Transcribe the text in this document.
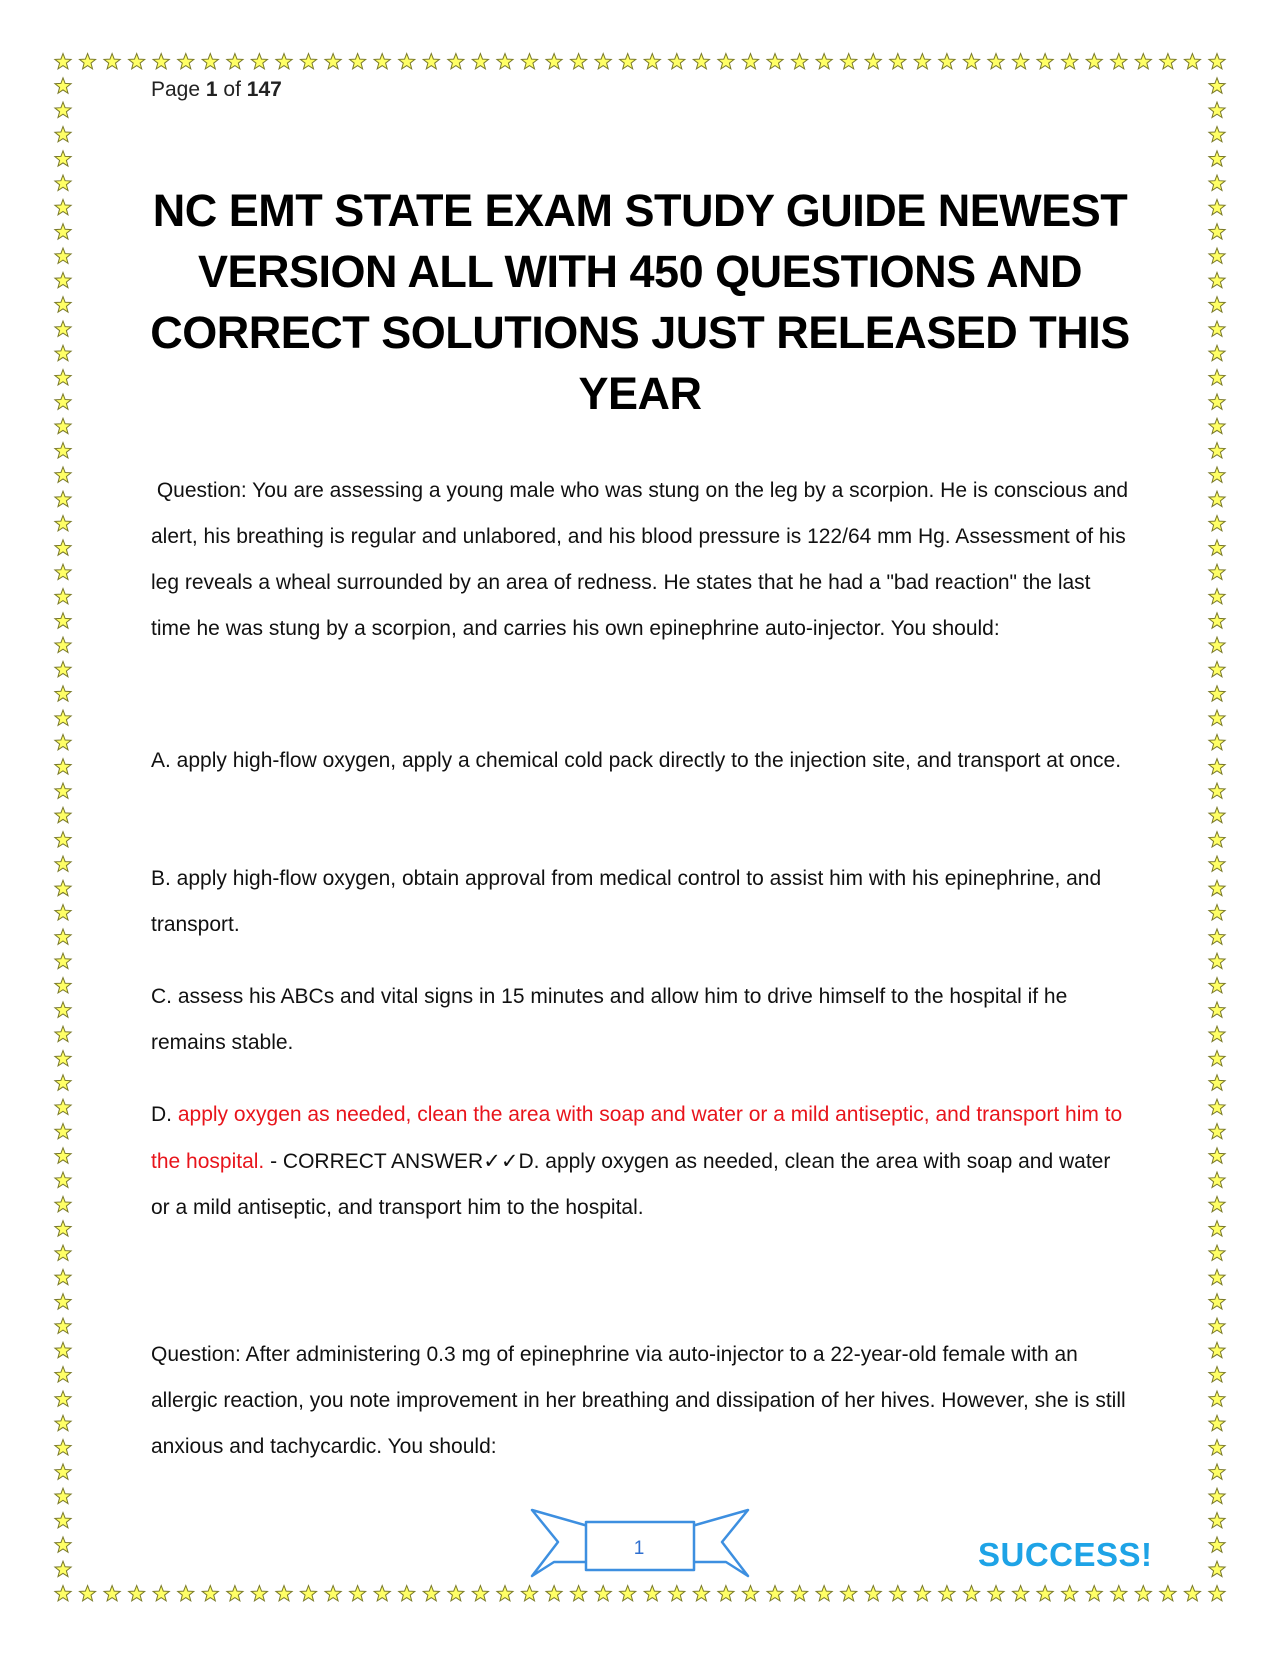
Page 1 of 147
NC EMT STATE EXAM STUDY GUIDE NEWEST VERSION ALL WITH 450 QUESTIONS AND CORRECT SOLUTIONS JUST RELEASED THIS YEAR
Question: You are assessing a young male who was stung on the leg by a scorpion. He is conscious and alert, his breathing is regular and unlabored, and his blood pressure is 122/64 mm Hg. Assessment of his leg reveals a wheal surrounded by an area of redness. He states that he had a "bad reaction" the last time he was stung by a scorpion, and carries his own epinephrine auto-injector. You should:
A. apply high-flow oxygen, apply a chemical cold pack directly to the injection site, and transport at once.
B. apply high-flow oxygen, obtain approval from medical control to assist him with his epinephrine, and transport.
C. assess his ABCs and vital signs in 15 minutes and allow him to drive himself to the hospital if he remains stable.
D. apply oxygen as needed, clean the area with soap and water or a mild antiseptic, and transport him to the hospital. - CORRECT ANSWER✓✓D. apply oxygen as needed, clean the area with soap and water or a mild antiseptic, and transport him to the hospital.
Question: After administering 0.3 mg of epinephrine via auto-injector to a 22-year-old female with an allergic reaction, you note improvement in her breathing and dissipation of her hives. However, she is still anxious and tachycardic. You should:
1	SUCCESS!
